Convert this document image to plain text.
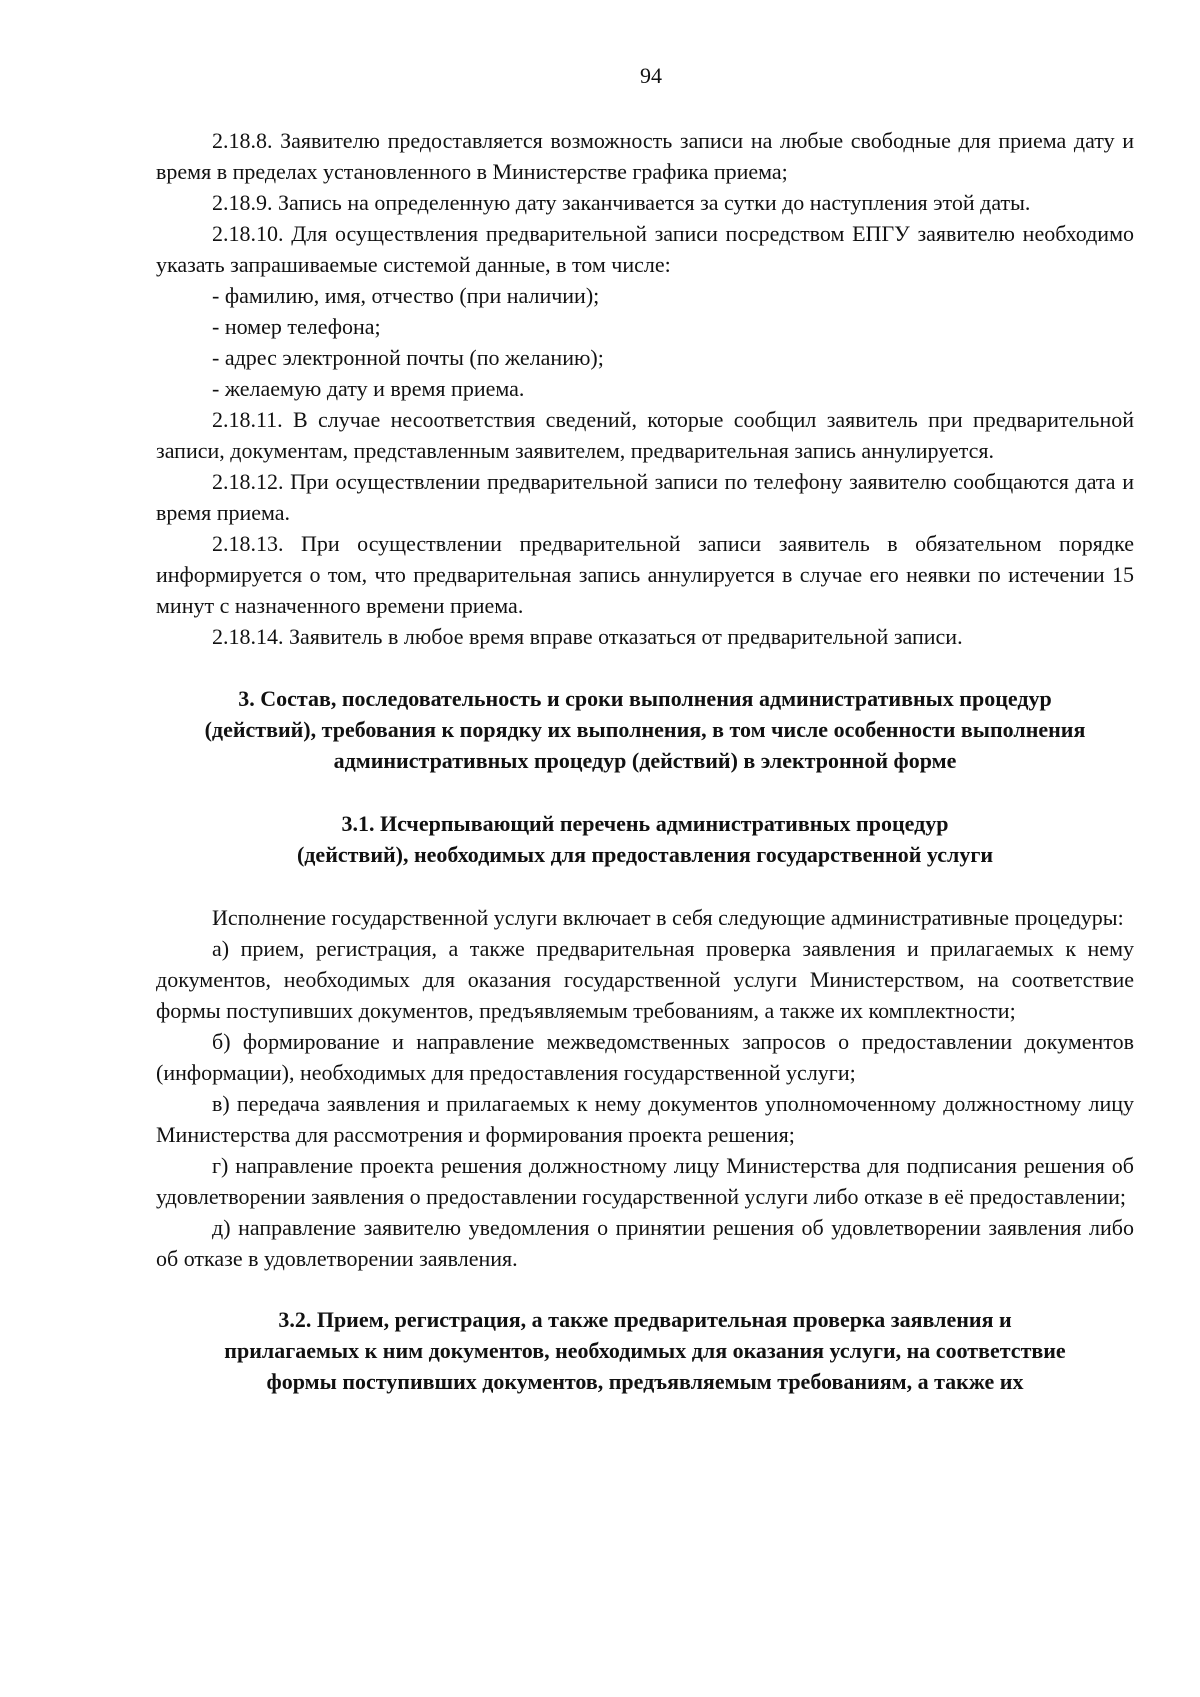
94

2.18.8. Заявителю предоставляется возможность записи на любые свободные для приема дату и время в пределах установленного в Министерстве графика приема;

2.18.9. Запись на определенную дату заканчивается за сутки до наступления этой даты.

2.18.10. Для осуществления предварительной записи посредством ЕПГУ заявителю необходимо указать запрашиваемые системой данные, в том числе:

- фамилию, имя, отчество (при наличии);

- номер телефона;

- адрес электронной почты (по желанию);

- желаемую дату и время приема.

2.18.11. В случае несоответствия сведений, которые сообщил заявитель при предварительной записи, документам, представленным заявителем, предварительная запись аннулируется.

2.18.12. При осуществлении предварительной записи по телефону заявителю сообщаются дата и время приема.

2.18.13. При осуществлении предварительной записи заявитель в обязательном порядке информируется о том, что предварительная запись аннулируется в случае его неявки по истечении 15 минут с назначенного времени приема.

2.18.14. Заявитель в любое время вправе отказаться от предварительной записи.

3. Состав, последовательность и сроки выполнения административных процедур

(действий), требования к порядку их выполнения, в том числе особенности выполнения

административных процедур (действий) в электронной форме

3.1. Исчерпывающий перечень административных процедур

(действий), необходимых для предоставления государственной услуги

Исполнение государственной услуги включает в себя следующие административные процедуры:

а) прием, регистрация, а также предварительная проверка заявления и прилагаемых к нему документов, необходимых для оказания государственной услуги Министерством, на соответствие формы поступивших документов, предъявляемым требованиям, а также их комплектности;

б) формирование и направление межведомственных запросов о предоставлении документов (информации), необходимых для предоставления государственной услуги;

в) передача заявления и прилагаемых к нему документов уполномоченному должностному лицу Министерства для рассмотрения и формирования проекта решения;

г) направление проекта решения должностному лицу Министерства для подписания решения об удовлетворении заявления о предоставлении государственной услуги либо отказе в её предоставлении;

д) направление заявителю уведомления о принятии решения об удовлетворении заявления либо об отказе в удовлетворении заявления.

3.2. Прием, регистрация, а также предварительная проверка заявления и

прилагаемых к ним документов, необходимых для оказания услуги, на соответствие

формы поступивших документов, предъявляемым требованиям, а также их
